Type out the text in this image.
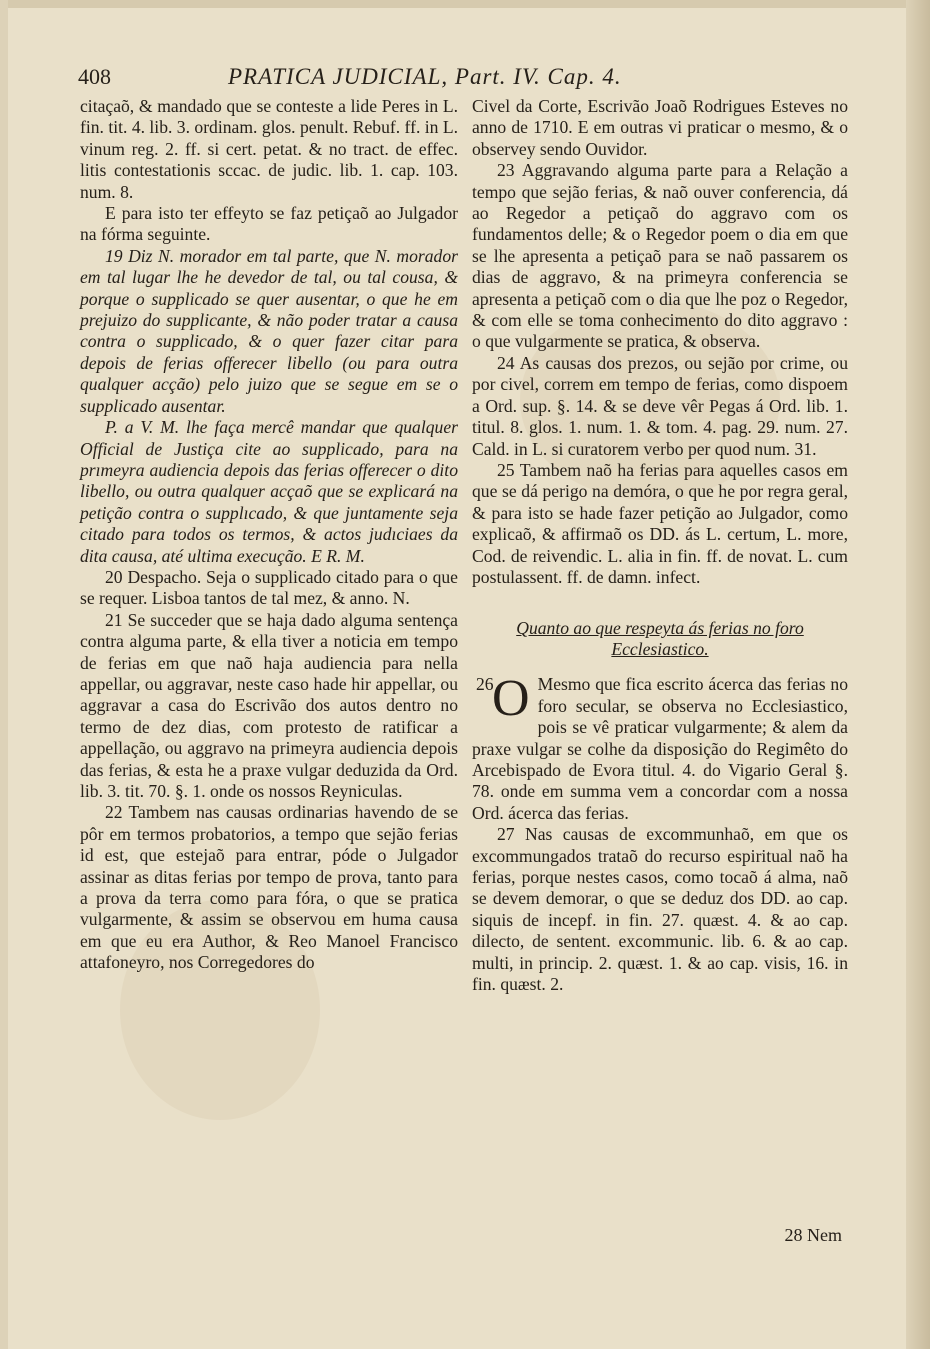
408	PRATICA JUDICIAL, Part. IV. Cap. 4.

citaçaõ, & mandado que se conteste a lide Peres in L. fin. tit. 4. lib. 3. ordinam. glos. penult. Rebuf. ff. in L. vinum reg. 2. ff. si cert. petat. & no tract. de effec. litis contestationis sccac. de judic. lib. 1. cap. 103. num. 8.

E para isto ter effeyto se faz petiçaõ ao Julgador na fórma seguinte.

19 Diz N. morador em tal parte, que N. morador em tal lugar lhe he devedor de tal, ou tal cousa, & porque o supplicado se quer ausentar, o que he em prejuizo do supplicante, & não poder tratar a causa contra o supplicado, & o quer fazer citar para depois de ferias offerecer libello (ou para outra qualquer acção) pelo juizo que se segue em se o supplicado ausentar.

P. a V. M. lhe faça mercê mandar que qualquer Official de Justiça cite ao supplicado, para na prımeyra audiencia depois das ferias offerecer o dito libello, ou outra qualquer acçaõ que se explicará na petição contra o supplıcado, & que juntamente seja citado para todos os termos, & actos judıciaes da dita causa, até ultima execução. E R. M.

20 Despacho. Seja o supplicado citado para o que se requer. Lisboa tantos de tal mez, & anno. N.

21 Se succeder que se haja dado alguma sentença contra alguma parte, & ella tiver a noticia em tempo de ferias em que naõ haja audiencia para nella appellar, ou aggravar, neste caso hade hir appellar, ou aggravar a casa do Escrivão dos autos dentro no termo de dez dias, com protesto de ratificar a appellação, ou aggravo na primeyra audiencia depois das ferias, & esta he a praxe vulgar deduzida da Ord. lib. 3. tit. 70. §. 1. onde os nossos Reyniculas.

22 Tambem nas causas ordinarias havendo de se pôr em termos probatorios, a tempo que sejão ferias id est, que estejaõ para entrar, póde o Julgador assinar as ditas ferias por tempo de prova, tanto para a prova da terra como para fóra, o que se pratica vulgarmente, & assim se observou em huma causa em que eu era Author, & Reo Manoel Francisco attafoneyro, nos Corregedores do

Civel da Corte, Escrivão Joaõ Rodrigues Esteves no anno de 1710. E em outras vi praticar o mesmo, & o observey sendo Ouvidor.

23 Aggravando alguma parte para a Relação a tempo que sejão ferias, & naõ ouver conferencia, dá ao Regedor a petiçaõ do aggravo com os fundamentos delle; & o Regedor poem o dia em que se lhe apresenta a petiçaõ para se naõ passarem os dias de aggravo, & na primeyra conferencia se apresenta a petiçaõ com o dia que lhe poz o Regedor, & com elle se toma conhecimento do dito aggravo : o que vulgarmente se pratica, & observa.

24 As causas dos prezos, ou sejão por crime, ou por civel, correm em tempo de ferias, como dispoem a Ord. sup. §. 14. & se deve vêr Pegas á Ord. lib. 1. titul. 8. glos. 1. num. 1. & tom. 4. pag. 29. num. 27. Cald. in L. si curatorem verbo per quod num. 31.

25 Tambem naõ ha ferias para aquelles casos em que se dá perigo na demóra, o que he por regra geral, & para isto se hade fazer petição ao Julgador, como explicaõ, & affirmaõ os DD. ás L. certum, L. more, Cod. de reivendic. L. alia in fin. ff. de novat. L. cum postulassent. ff. de damn. infect.

Quanto ao que respeyta ás ferias no foro Ecclesiastico.
26
O Mesmo que fica escrito ácerca das ferias no foro secular, se observa no Ecclesiastico, pois se vê praticar vulgarmente; & alem da praxe vulgar se colhe da disposição do Regimêto do Arcebispado de Evora titul. 4. do Vigario Geral §. 78. onde em summa vem a concordar com a nossa Ord. ácerca das ferias.

27 Nas causas de excommunhaõ, em que os excommungados trataõ do recurso espiritual naõ ha ferias, porque nestes casos, como tocaõ á alma, naõ se devem demorar, o que se deduz dos DD. ao cap. siquis de incepf. in fin. 27. quæst. 4. & ao cap. dilecto, de sentent. excommunic. lib. 6. & ao cap. multi, in princip. 2. quæst. 1. & ao cap. visis, 16. in fin. quæst. 2.

28 Nem
